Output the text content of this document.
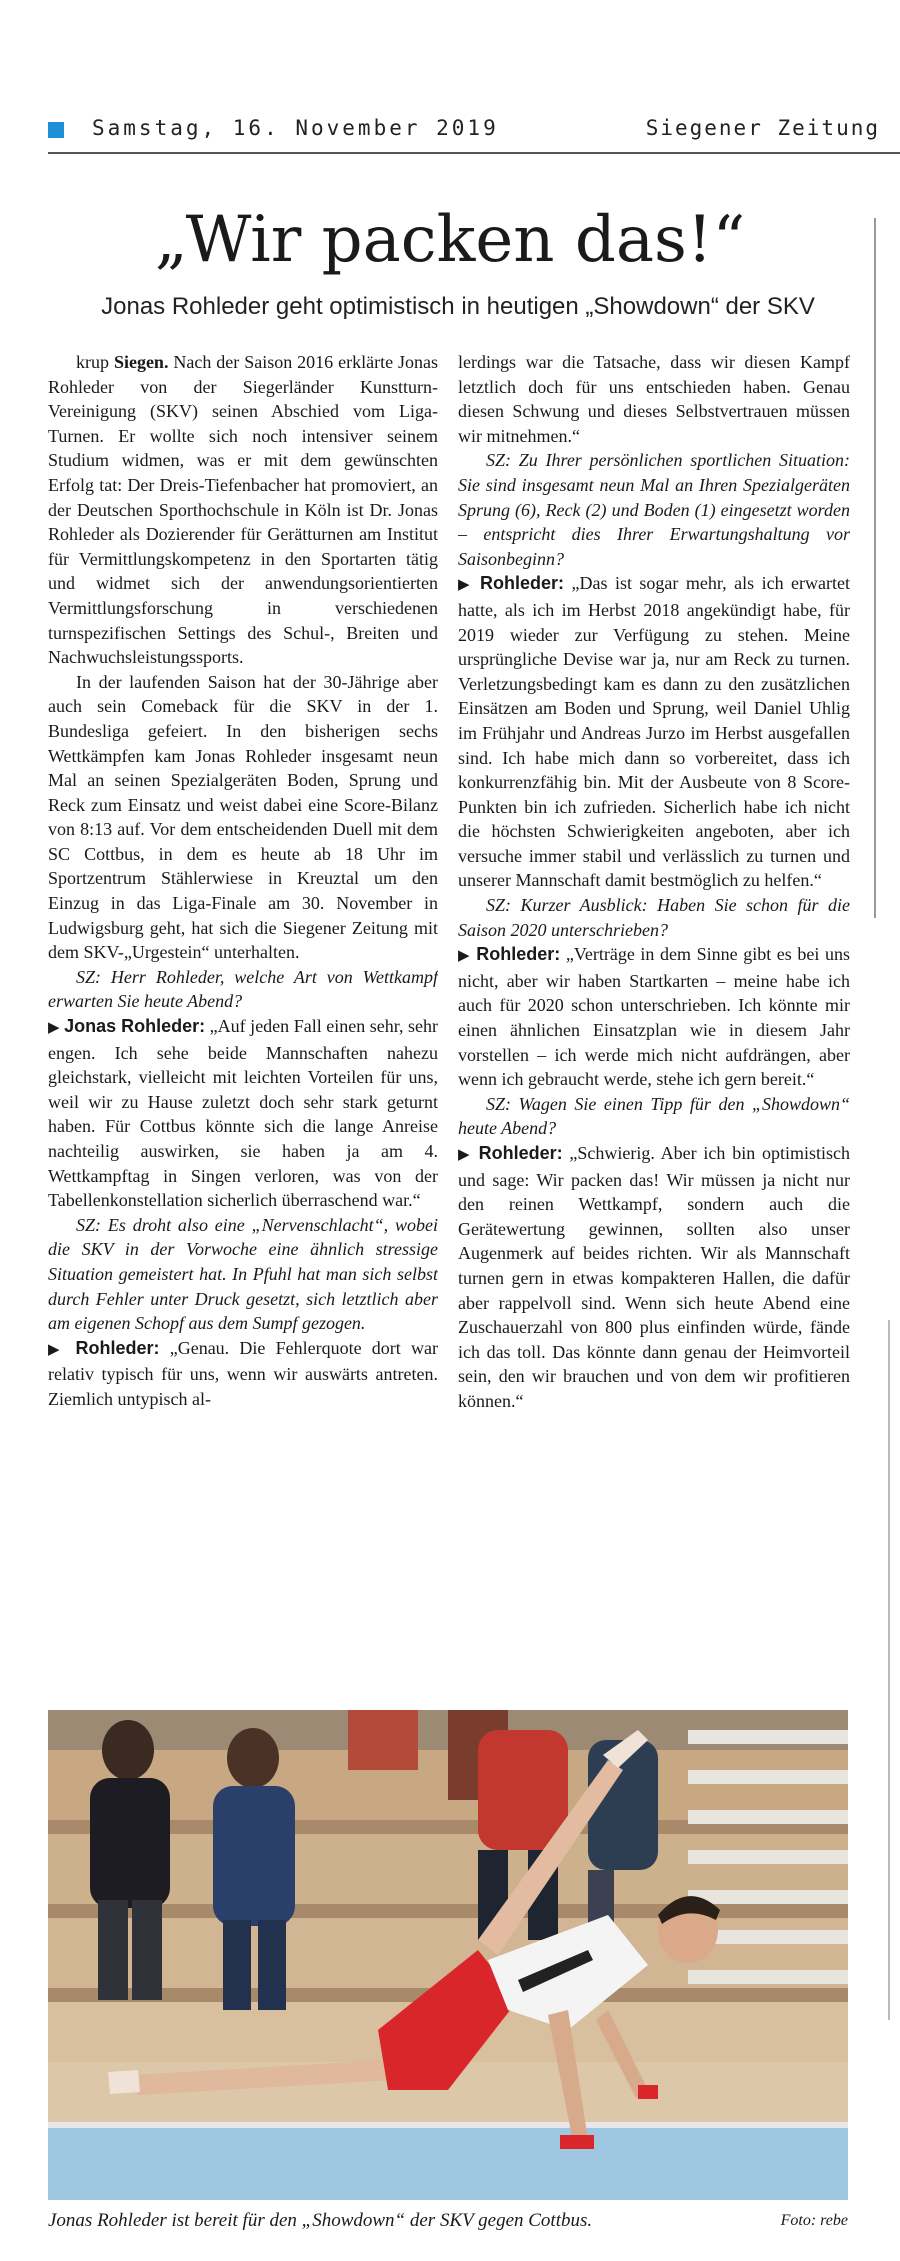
Samstag, 16. November 2019	Siegener Zeitung
„Wir packen das!“
Jonas Rohleder geht optimistisch in heutigen „Showdown“ der SKV

krup Siegen. Nach der Saison 2016 erklärte Jonas Rohleder von der Siegerländer Kunstturn-Vereinigung (SKV) seinen Abschied vom Liga-Turnen. Er wollte sich noch intensiver seinem Studium widmen, was er mit dem gewünschten Erfolg tat: Der Dreis-Tiefenbacher hat promoviert, an der Deutschen Sporthochschule in Köln ist Dr. Jonas Rohleder als Dozierender für Gerätturnen am Institut für Vermittlungskompetenz in den Sportarten tätig und widmet sich der anwendungsorientierten Vermittlungsforschung in verschiedenen turnspezifischen Settings des Schul-, Breiten und Nachwuchsleistungssports.

In der laufenden Saison hat der 30-Jährige aber auch sein Comeback für die SKV in der 1. Bundesliga gefeiert. In den bisherigen sechs Wettkämpfen kam Jonas Rohleder insgesamt neun Mal an seinen Spezialgeräten Boden, Sprung und Reck zum Einsatz und weist dabei eine Score-Bilanz von 8:13 auf. Vor dem entscheidenden Duell mit dem SC Cottbus, in dem es heute ab 18 Uhr im Sportzentrum Stählerwiese in Kreuztal um den Einzug in das Liga-Finale am 30. November in Ludwigsburg geht, hat sich die Siegener Zeitung mit dem SKV-„Urgestein“ unterhalten.

SZ: Herr Rohleder, welche Art von Wettkampf erwarten Sie heute Abend?

▶ Jonas Rohleder: „Auf jeden Fall einen sehr, sehr engen. Ich sehe beide Mannschaften nahezu gleichstark, vielleicht mit leichten Vorteilen für uns, weil wir zu Hause zuletzt doch sehr stark geturnt haben. Für Cottbus könnte sich die lange Anreise nachteilig auswirken, sie haben ja am 4. Wettkampftag in Singen verloren, was von der Tabellenkonstellation sicherlich überraschend war.“

SZ: Es droht also eine „Nervenschlacht“, wobei die SKV in der Vorwoche eine ähnlich stressige Situation gemeistert hat. In Pfuhl hat man sich selbst durch Fehler unter Druck gesetzt, sich letztlich aber am eigenen Schopf aus dem Sumpf gezogen.

▶ Rohleder: „Genau. Die Fehlerquote dort war relativ typisch für uns, wenn wir auswärts antreten. Ziemlich untypisch al-

lerdings war die Tatsache, dass wir diesen Kampf letztlich doch für uns entschieden haben. Genau diesen Schwung und dieses Selbstvertrauen müssen wir mitnehmen.“

SZ: Zu Ihrer persönlichen sportlichen Situation: Sie sind insgesamt neun Mal an Ihren Spezialgeräten Sprung (6), Reck (2) und Boden (1) eingesetzt worden – entspricht dies Ihrer Erwartungshaltung vor Saisonbeginn?

▶ Rohleder: „Das ist sogar mehr, als ich erwartet hatte, als ich im Herbst 2018 angekündigt habe, für 2019 wieder zur Verfügung zu stehen. Meine ursprüngliche Devise war ja, nur am Reck zu turnen. Verletzungsbedingt kam es dann zu den zusätzlichen Einsätzen am Boden und Sprung, weil Daniel Uhlig im Frühjahr und Andreas Jurzo im Herbst ausgefallen sind. Ich habe mich dann so vorbereitet, dass ich konkurrenzfähig bin. Mit der Ausbeute von 8 Score-Punkten bin ich zufrieden. Sicherlich habe ich nicht die höchsten Schwierigkeiten angeboten, aber ich versuche immer stabil und verlässlich zu turnen und unserer Mannschaft damit bestmöglich zu helfen.“

SZ: Kurzer Ausblick: Haben Sie schon für die Saison 2020 unterschrieben?

▶ Rohleder: „Verträge in dem Sinne gibt es bei uns nicht, aber wir haben Startkarten – meine habe ich auch für 2020 schon unterschrieben. Ich könnte mir einen ähnlichen Einsatzplan wie in diesem Jahr vorstellen – ich werde mich nicht aufdrängen, aber wenn ich gebraucht werde, stehe ich gern bereit.“

SZ: Wagen Sie einen Tipp für den „Showdown“ heute Abend?

▶ Rohleder: „Schwierig. Aber ich bin optimistisch und sage: Wir packen das! Wir müssen ja nicht nur den reinen Wettkampf, sondern auch die Gerätewertung gewinnen, sollten also unser Augenmerk auf beides richten. Wir als Mannschaft turnen gern in etwas kompakteren Hallen, die dafür aber rappelvoll sind. Wenn sich heute Abend eine Zuschauerzahl von 800 plus einfinden würde, fände ich das toll. Das könnte dann genau der Heimvorteil sein, den wir brauchen und von dem wir profitieren können.“

Jonas Rohleder ist bereit für den „Showdown“ der SKV gegen Cottbus.	Foto: rebe
